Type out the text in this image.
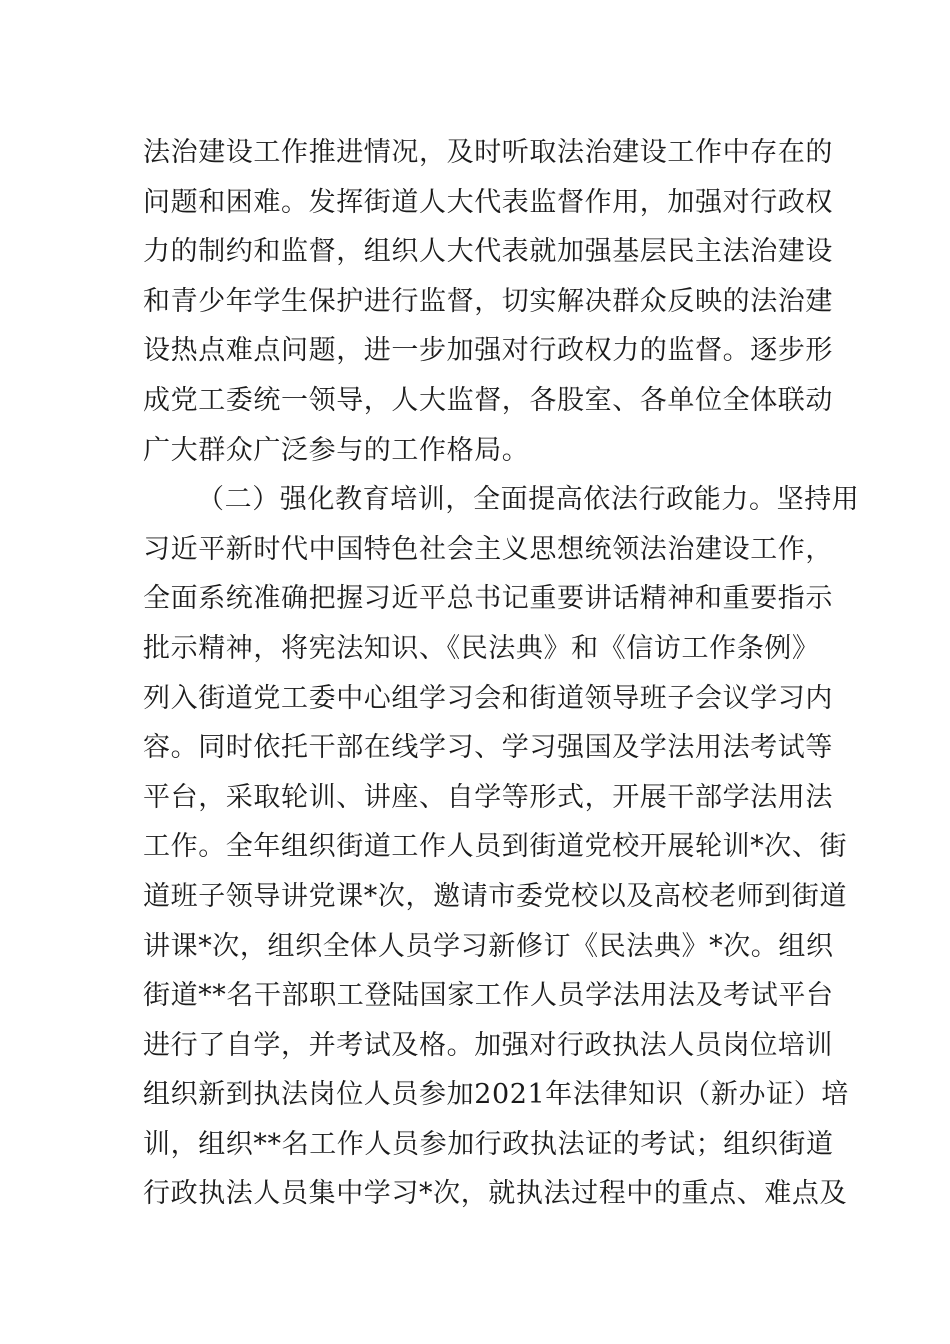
法治建设工作推进情况，及时听取法治建设工作中存在的
问题和困难。发挥街道人大代表监督作用，加强对行政权
力的制约和监督，组织人大代表就加强基层民主法治建设
和青少年学生保护进行监督，切实解决群众反映的法治建
设热点难点问题，进一步加强对行政权力的监督。逐步形
成党工委统一领导，人大监督，各股室、各单位全体联动
广大群众广泛参与的工作格局。
（二）强化教育培训，全面提高依法行政能力。坚持用
习近平新时代中国特色社会主义思想统领法治建设工作，
全面系统准确把握习近平总书记重要讲话精神和重要指示
批示精神，将宪法知识、《民法典》和《信访工作条例》
列入街道党工委中心组学习会和街道领导班子会议学习内
容。同时依托干部在线学习、学习强国及学法用法考试等
平台，采取轮训、讲座、自学等形式，开展干部学法用法
工作。全年组织街道工作人员到街道党校开展轮训*次、街
道班子领导讲党课*次，邀请市委党校以及高校老师到街道
讲课*次，组织全体人员学习新修订《民法典》*次。组织
街道**名干部职工登陆国家工作人员学法用法及考试平台
进行了自学，并考试及格。加强对行政执法人员岗位培训
组织新到执法岗位人员参加2021年法律知识（新办证）培
训，组织**名工作人员参加行政执法证的考试；组织街道
行政执法人员集中学习*次，就执法过程中的重点、难点及
